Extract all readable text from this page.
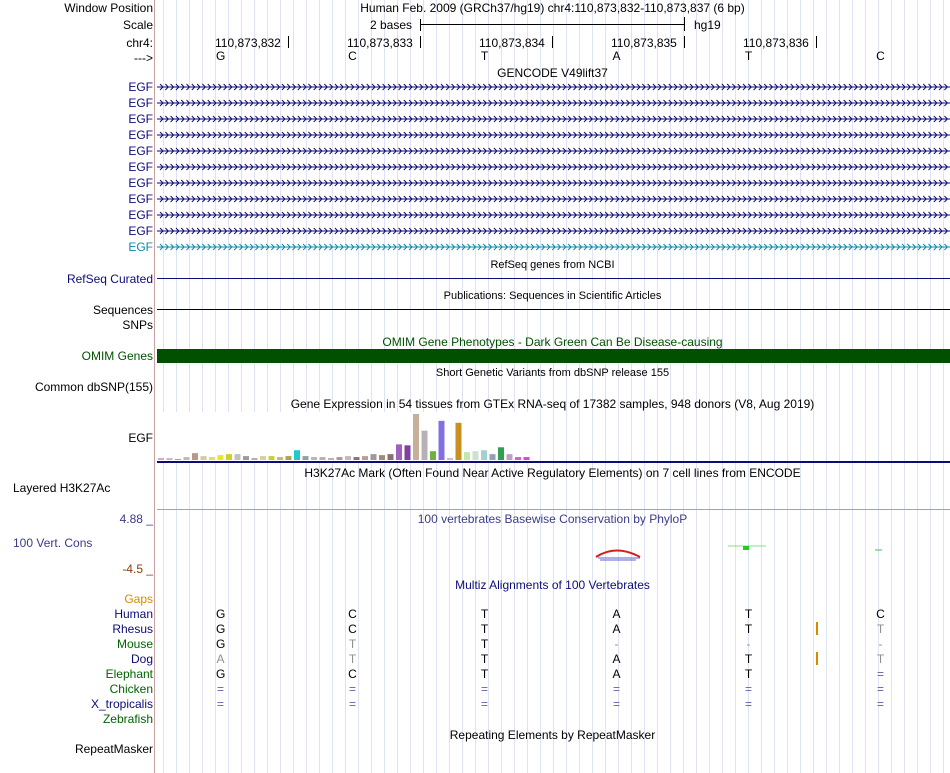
Window Position	Human Feb. 2009 (GRCh37/hg19) chr4:110,873,832-110,873,837 (6 bp)
Scale	2 bases	hg19
chr4:	110,873,832	110,873,833	110,873,834	110,873,835	110,873,836
--->	G	C	T	A	T	C
GENCODE V49lift37
EGF
EGF
EGF
EGF
EGF
EGF
EGF
EGF
EGF
EGF
EGF
RefSeq genes from NCBI
RefSeq Curated
Publications: Sequences in Scientific Articles
Sequences
SNPs
OMIM Gene Phenotypes - Dark Green Can Be Disease-causing
OMIM Genes
Short Genetic Variants from dbSNP release 155
Common dbSNP(155)
Gene Expression in 54 tissues from GTEx RNA-seq of 17382 samples, 948 donors (V8, Aug 2019)
EGF
H3K27Ac Mark (Often Found Near Active Regulatory Elements) on 7 cell lines from ENCODE
Layered H3K27Ac
4.88 _	100 vertebrates Basewise Conservation by PhyloP
100 Vert. Cons
-4.5 _
Multiz Alignments of 100 Vertebrates
Gaps
Human	G	C	T	A	T	C
Rhesus	G	C	T	A	T	T
Mouse	G	T	T	-	-	-
Dog	A	T	T	A	T	T
Elephant	G	C	T	A	T	=
Chicken	=	=	=	=	=	=
X_tropicalis	=	=	=	=	=	=
Zebrafish
Repeating Elements by RepeatMasker
RepeatMasker
